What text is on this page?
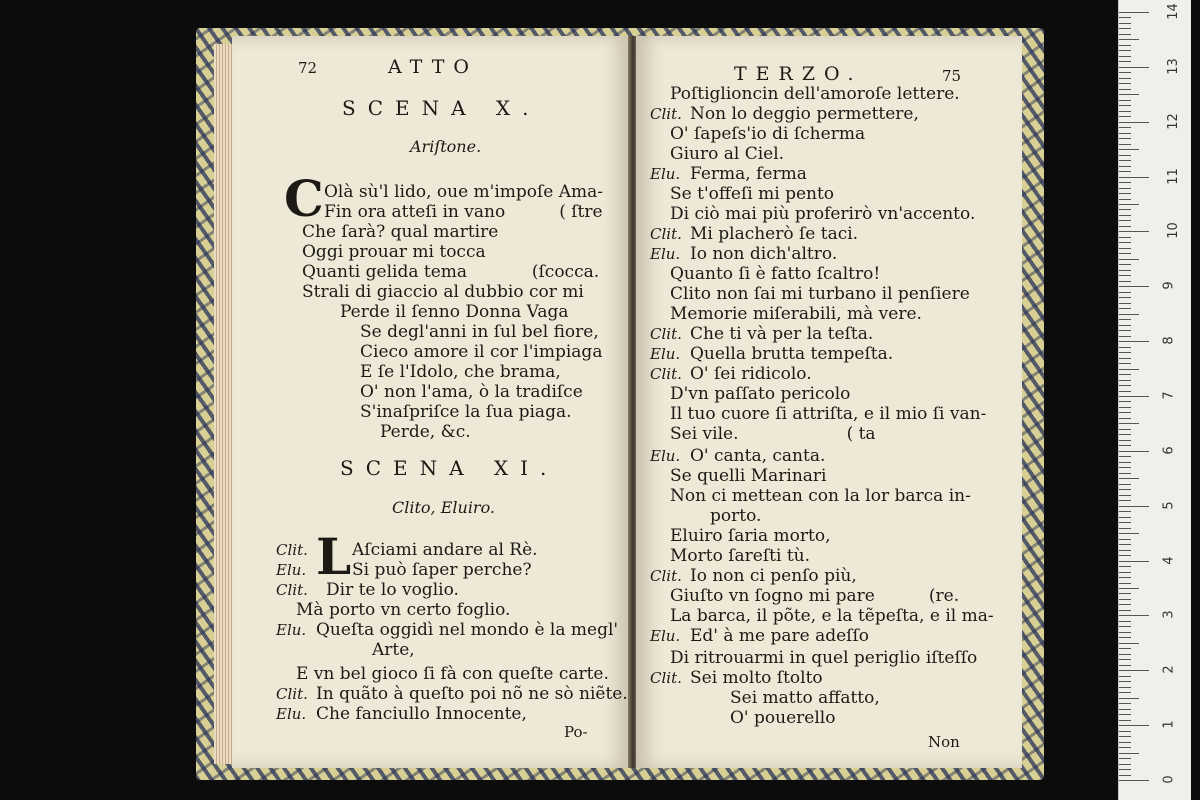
72	ATTO
SCENA X.
Ariſtone.
C Olà sù'l lido, oue m'impoſe Ama-
Fin ora atteſi in vano          ( ſtre
Che ſarà? qual martire
Oggi prouar mi tocca
Quanti gelida tema            (ſcocca.
Strali di giaccio al dubbio cor mi
Perde il ſenno Donna Vaga
Se degl'anni in ſul bel fiore,
Cieco amore il cor l'impiaga
E ſe l'Idolo, che brama,
O' non l'ama, ò la tradiſce
S'inaſpriſce la ſua piaga.
Perde, &c.
SCENA XI.
Clito, Eluiro.
L
Clit.	Aſciami andare al Rè.
Elu.	Si può ſaper perche?
Clit. Dir te lo voglio.
Mà porto vn certo foglio.
Elu. Queſta oggidì nel mondo è la megl'
Arte,
E vn bel gioco ſi fà con queſte carte.
Clit. In quãto à queſto poi nõ ne sò niẽte.
Elu. Che fanciullo Innocente,
Po-
TERZO.	75
Poſtiglioncin dell'amoroſe lettere.
Clit. Non lo deggio permettere,
O' ſapeſs'io di ſcherma
Giuro al Ciel.
Elu. Ferma, ferma
Se t'offeſi mi pento
Di ciò mai più proferirò vn'accento.
Clit. Mi placherò ſe taci.
Elu. Io non dich'altro.
Quanto ſi è fatto ſcaltro!
Clito non ſai mi turbano il penſiere
Memorie miſerabili, mà vere.
Clit. Che ti và per la teſta.
Elu. Quella brutta tempeſta.
Clit. O' ſei ridicolo.
D'vn paſſato pericolo
Il tuo cuore ſi attriſta, e il mio ſi van-
Sei vile.                    ( ta
Elu. O' canta, canta.
Se quelli Marinari
Non ci mettean con la lor barca in-
porto.
Eluiro ſaria morto,
Morto ſareſti tù.
Clit. Io non ci penſo più,
Giuſto vn ſogno mi pare          (re.
La barca, il põte, e la tẽpeſta, e il ma-
Elu. Ed' à me pare adeſſo
Di ritrouarmi in quel periglio iſteſſo
Clit. Sei molto ſtolto
Sei matto affatto,
O' pouerello
Non
0
1
2
3
4
5
6
7
8
9
10
11
12
13
14
